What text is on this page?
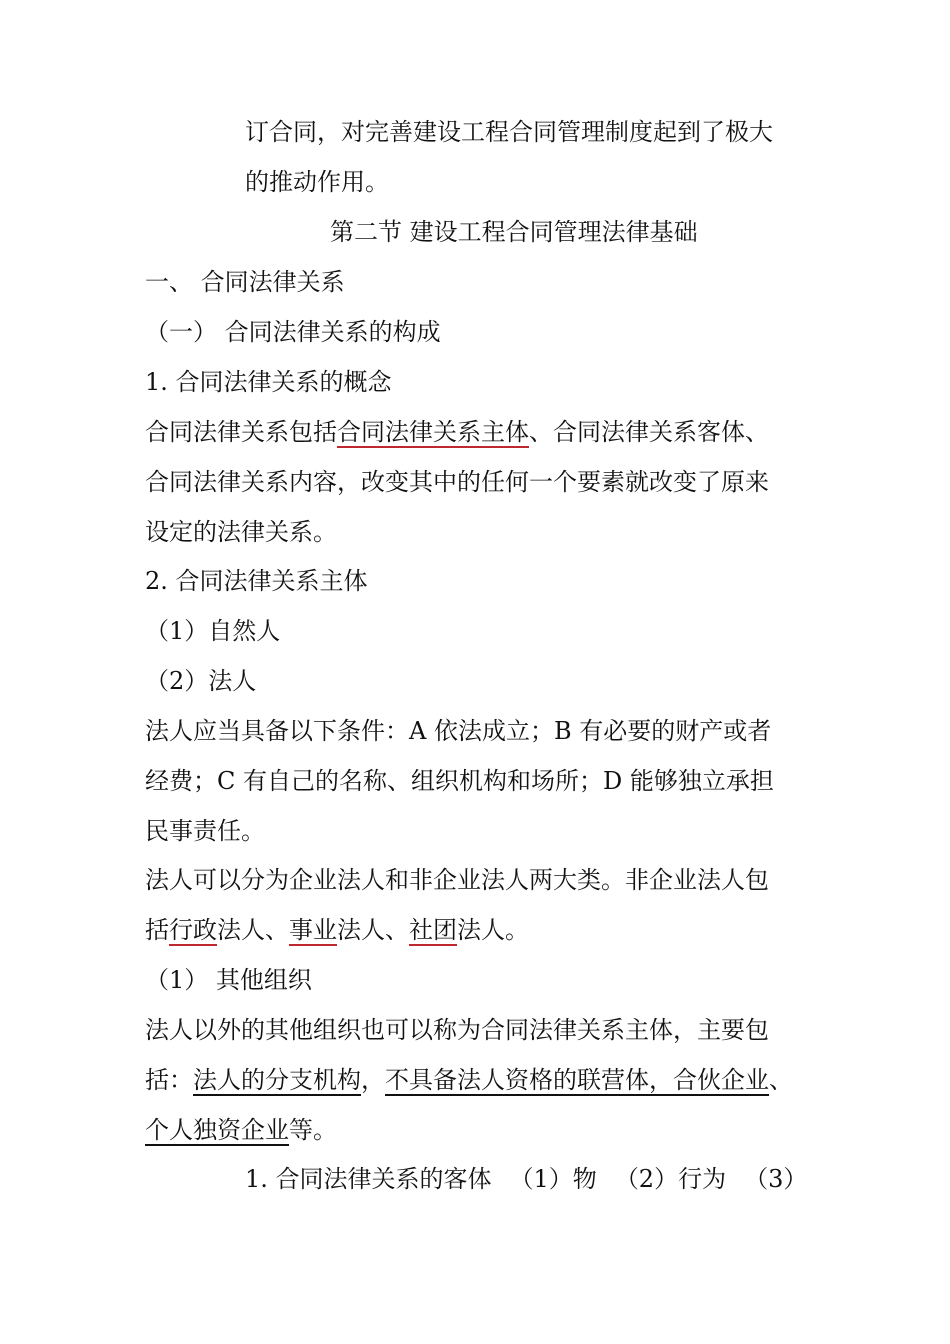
订合同，对完善建设工程合同管理制度起到了极大
的推动作用。
第二节 建设工程合同管理法律基础
一、 合同法律关系
（一） 合同法律关系的构成
1. 合同法律关系的概念
合同法律关系包括合同法律关系主体、合同法律关系客体、
合同法律关系内容，改变其中的任何一个要素就改变了原来
设定的法律关系。
2. 合同法律关系主体
（1）自然人
（2）法人
法人应当具备以下条件：A 依法成立；B 有必要的财产或者
经费；C 有自己的名称、组织机构和场所；D 能够独立承担
民事责任。
法人可以分为企业法人和非企业法人两大类。非企业法人包
括行政法人、事业法人、社团法人。
（1） 其他组织
法人以外的其他组织也可以称为合同法律关系主体，主要包
括：法人的分支机构，不具备法人资格的联营体，合伙企业、
个人独资企业等。
1. 合同法律关系的客体 （1）物 （2）行为 （3）
